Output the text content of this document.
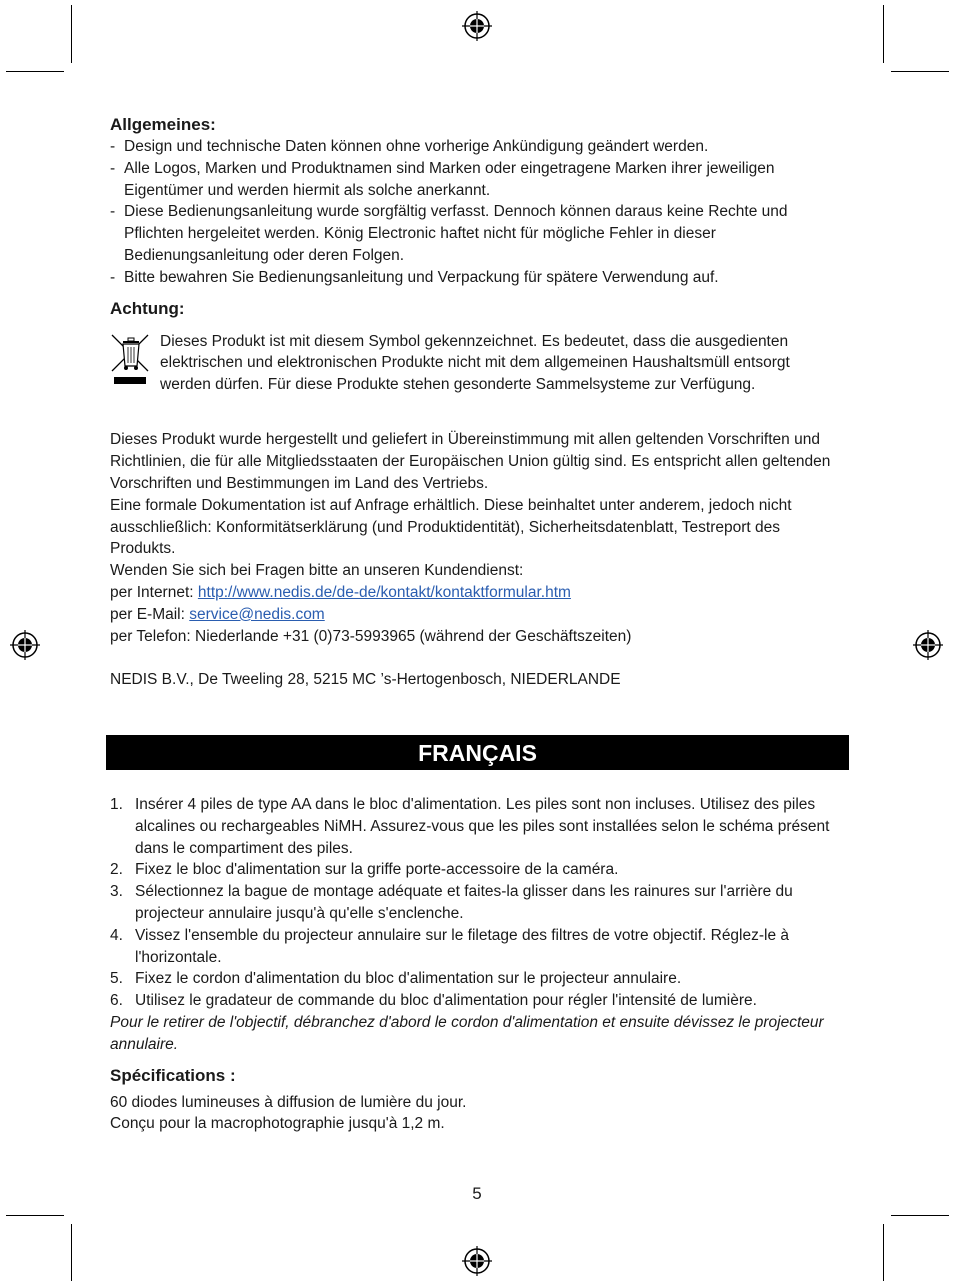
Allgemeines:
- Design und technische Daten können ohne vorherige Ankündigung geändert werden.
- Alle Logos, Marken und Produktnamen sind Marken oder eingetragene Marken ihrer jeweiligen Eigentümer und werden hiermit als solche anerkannt.
- Diese Bedienungsanleitung wurde sorgfältig verfasst. Dennoch können daraus keine Rechte und Pflichten hergeleitet werden. König Electronic haftet nicht für mögliche Fehler in dieser Bedienungsanleitung oder deren Folgen.
- Bitte bewahren Sie Bedienungsanleitung und Verpackung für spätere Verwendung auf.
Achtung:

Dieses Produkt ist mit diesem Symbol gekennzeichnet. Es bedeutet, dass die ausgedienten elektrischen und elektronischen Produkte nicht mit dem allgemeinen Haushaltsmüll entsorgt werden dürfen. Für diese Produkte stehen gesonderte Sammelsysteme zur Verfügung.

Dieses Produkt wurde hergestellt und geliefert in Übereinstimmung mit allen geltenden Vorschriften und Richtlinien, die für alle Mitgliedsstaaten der Europäischen Union gültig sind. Es entspricht allen geltenden Vorschriften und Bestimmungen im Land des Vertriebs.

Eine formale Dokumentation ist auf Anfrage erhältlich. Diese beinhaltet unter anderem, jedoch nicht ausschließlich: Konformitätserklärung (und Produktidentität), Sicherheitsdatenblatt, Testreport des Produkts.

Wenden Sie sich bei Fragen bitte an unseren Kundendienst:

per Internet: http://www.nedis.de/de-de/kontakt/kontaktformular.htm

per E-Mail: service@nedis.com

per Telefon: Niederlande +31 (0)73-5993965 (während der Geschäftszeiten)

NEDIS B.V., De Tweeling 28, 5215 MC ’s-Hertogenbosch, NIEDERLANDE

FRANÇAIS
1. Insérer 4 piles de type AA dans le bloc d'alimentation. Les piles sont non incluses. Utilisez des piles alcalines ou rechargeables NiMH. Assurez-vous que les piles sont installées selon le schéma présent dans le compartiment des piles.
2. Fixez le bloc d'alimentation sur la griffe porte-accessoire de la caméra.
3. Sélectionnez la bague de montage adéquate et faites-la glisser dans les rainures sur l'arrière du projecteur annulaire jusqu'à qu'elle s'enclenche.
4. Vissez l'ensemble du projecteur annulaire sur le filetage des filtres de votre objectif. Réglez-le à l'horizontale.
5. Fixez le cordon d'alimentation du bloc d'alimentation sur le projecteur annulaire.
6. Utilisez le gradateur de commande du bloc d'alimentation pour régler l'intensité de lumière.

Pour le retirer de l'objectif, débranchez d'abord le cordon d'alimentation et ensuite dévissez le projecteur annulaire.

Spécifications :

60 diodes lumineuses à diffusion de lumière du jour.

Conçu pour la macrophotographie jusqu'à 1,2 m.

5
